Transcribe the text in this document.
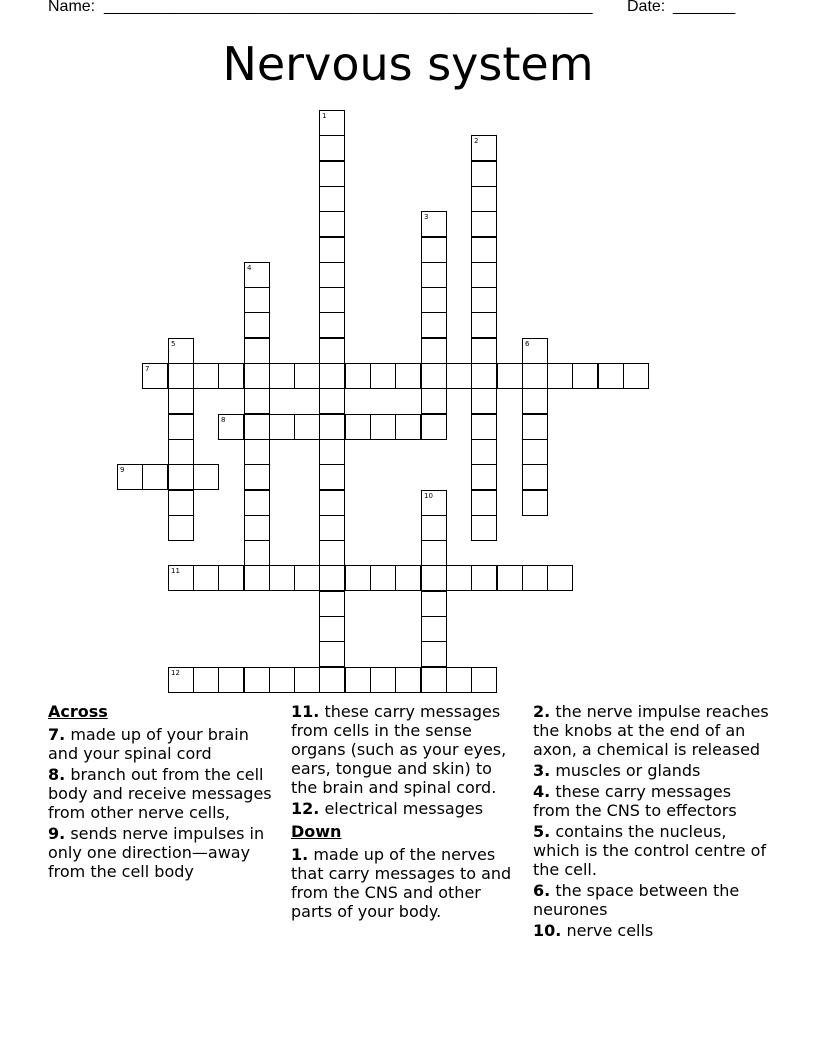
Name: ______________________________________________________ Date: _______
Nervous system
1
2
3
4
5	6
7
8
9
10
11
12
Across
7. made up of your brain and your spinal cord
8. branch out from the cell body and receive messages from other nerve cells,
9. sends nerve impulses in only one direction—away from the cell body
11. these carry messages from cells in the sense organs (such as your eyes, ears, tongue and skin) to the brain and spinal cord.
12. electrical messages
Down
1. made up of the nerves that carry messages to and from the CNS and other parts of your body.
2. the nerve impulse reaches the knobs at the end of an axon, a chemical is released
3. muscles or glands
4. these carry messages from the CNS to effectors
5. contains the nucleus, which is the control centre of the cell.
6. the space between the neurones
10. nerve cells
